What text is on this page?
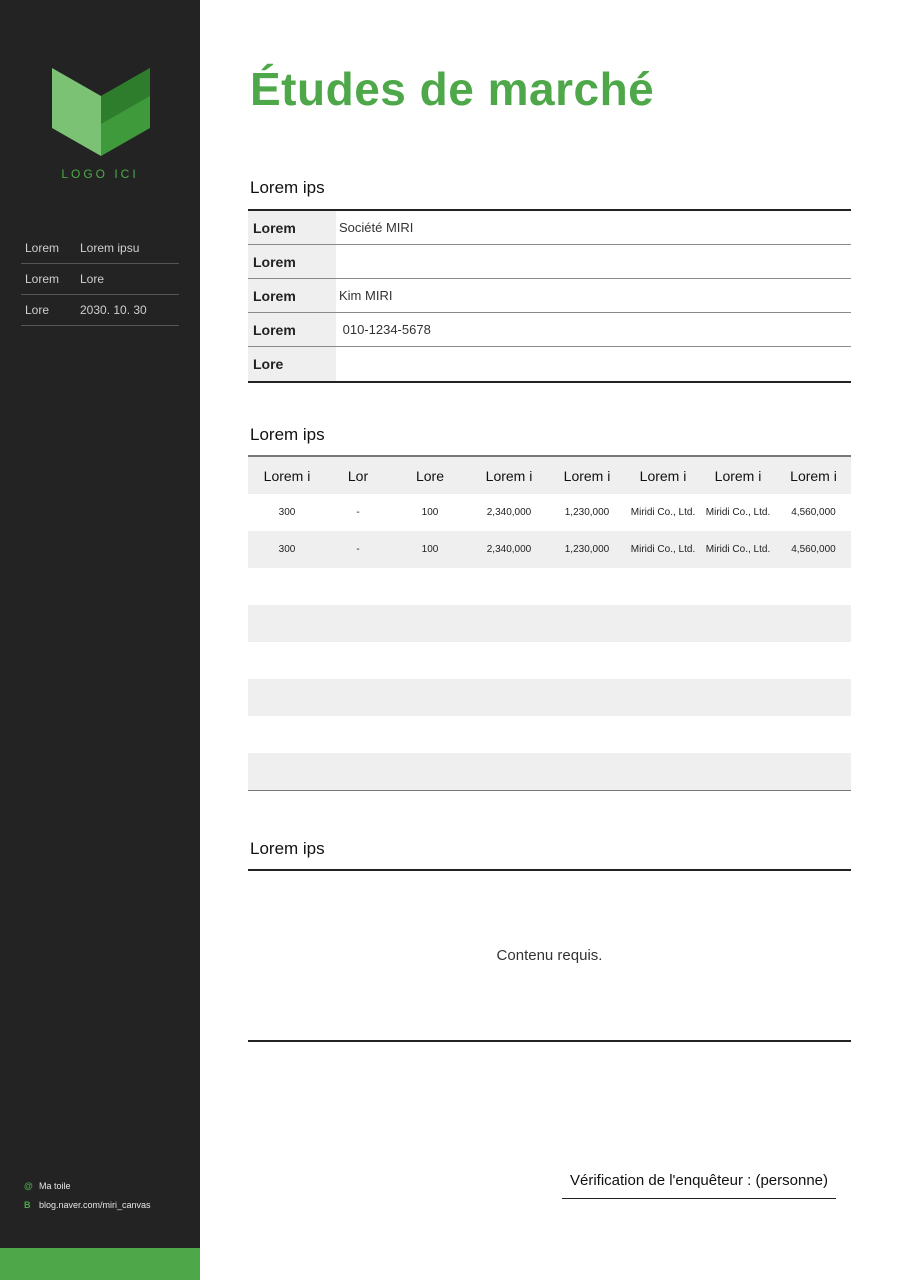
LOGO ICI
Lorem	Lorem ipsu
Lorem	Lore
Lore	2030. 10. 30
@ Ma toile
B blog.naver.com/miri_canvas
Études de marché
Lorem ips
Lorem	Société MIRI
Lorem
Lorem	Kim MIRI
Lorem	010-1234-5678
Lore
Lorem ips
Lorem i	Lor	Lore	Lorem i	Lorem i	Lorem i	Lorem i	Lorem i
300	-	100	2,340,000	1,230,000	Miridi Co., Ltd.	Miridi Co., Ltd.	4,560,000
300	-	100	2,340,000	1,230,000	Miridi Co., Ltd.	Miridi Co., Ltd.	4,560,000
Lorem ips
Contenu requis.
Vérification de l'enquêteur : (personne)
